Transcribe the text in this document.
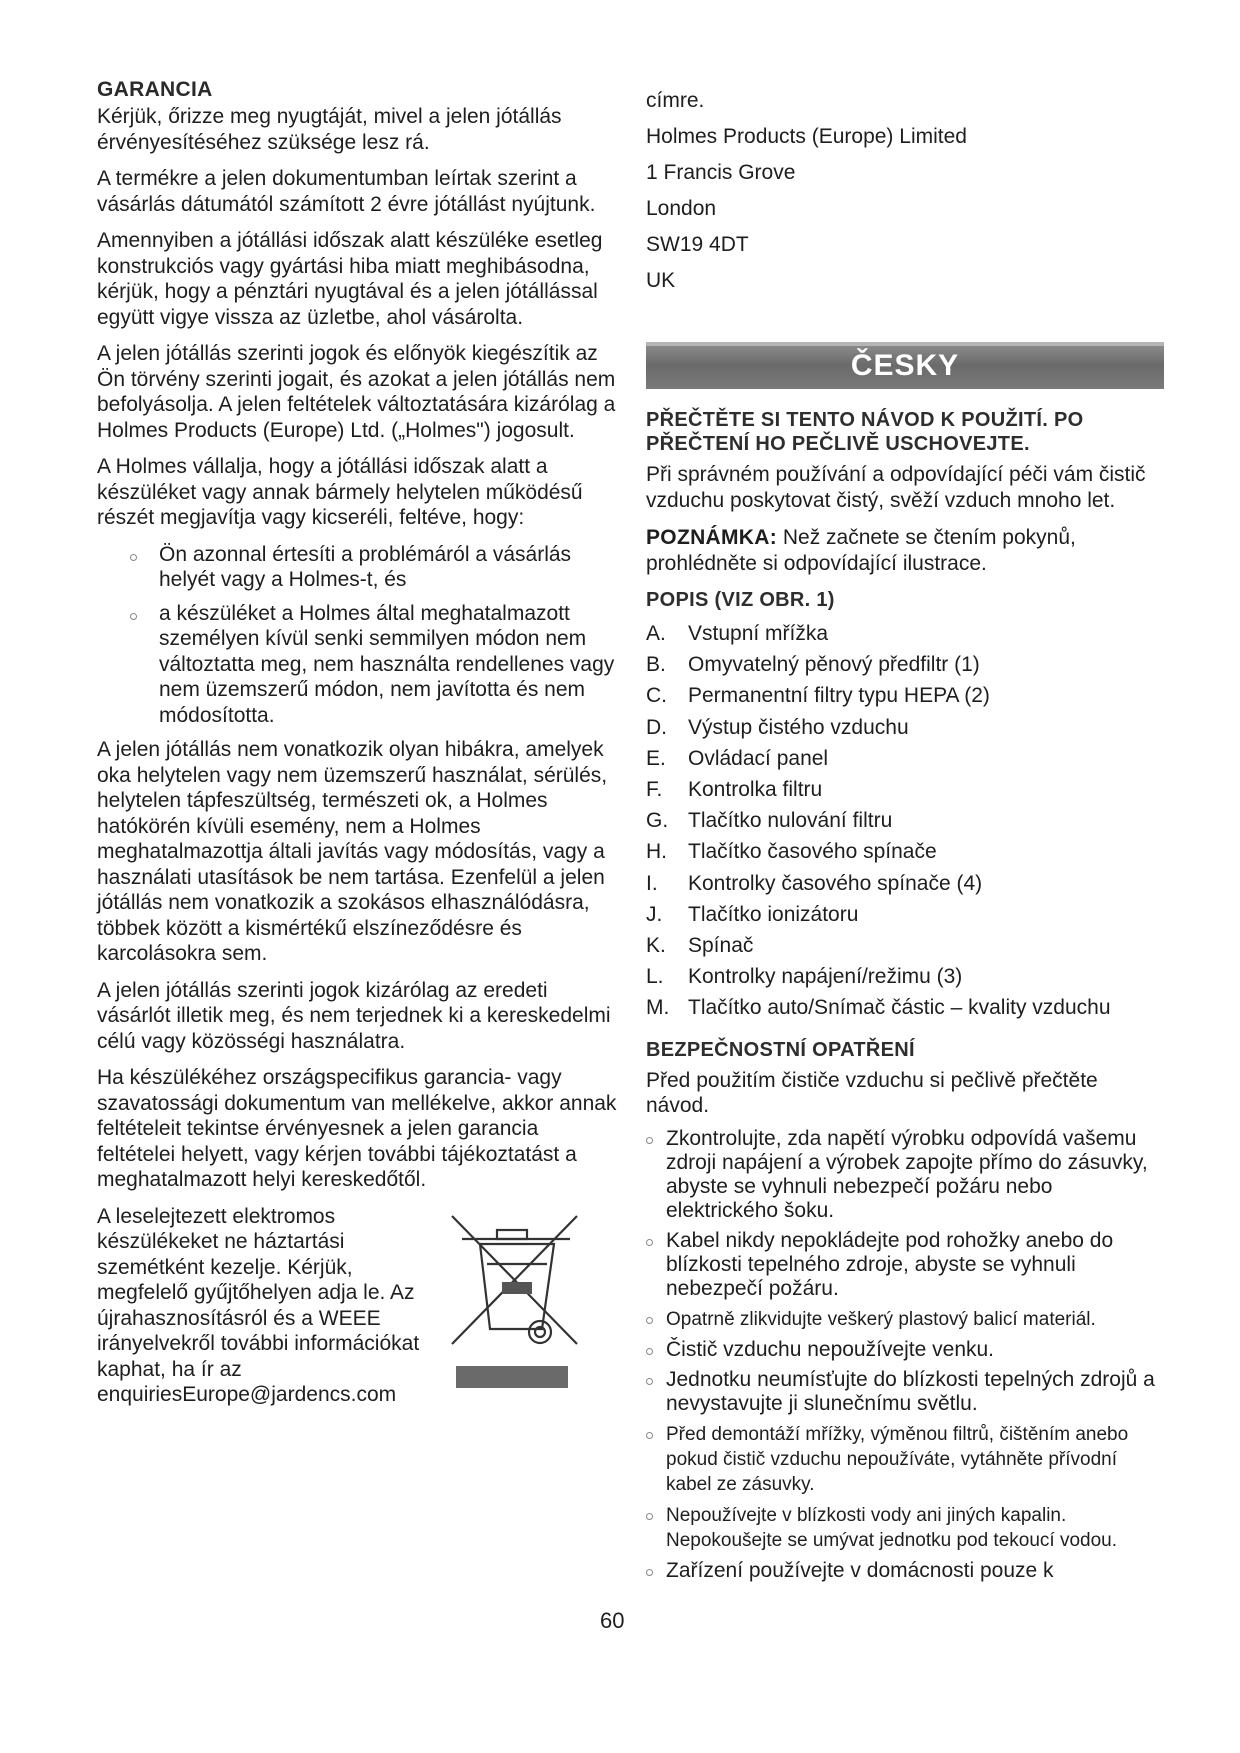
GARANCIA

Kérjük, őrizze meg nyugtáját, mivel a jelen jótállás érvényesítéséhez szüksége lesz rá.

A termékre a jelen dokumentumban leírtak szerint a vásárlás dátumától számított 2 évre jótállást nyújtunk.

Amennyiben a jótállási időszak alatt készüléke esetleg konstrukciós vagy gyártási hiba miatt meghibásodna, kérjük, hogy a pénztári nyugtával és a jelen jótállással együtt vigye vissza az üzletbe, ahol vásárolta.

A jelen jótállás szerinti jogok és előnyök kiegészítik az Ön törvény szerinti jogait, és azokat a jelen jótállás nem befolyásolja. A jelen feltételek változtatására kizárólag a Holmes Products (Europe) Ltd. („Holmes") jogosult.

A Holmes vállalja, hogy a jótállási időszak alatt a készüléket vagy annak bármely helytelen működésű részét megjavítja vagy kicseréli, feltéve, hogy:

Ön azonnal értesíti a problémáról a vásárlás helyét vagy a Holmes-t, és
a készüléket a Holmes által meghatalmazott személyen kívül senki semmilyen módon nem változtatta meg, nem használta rendellenes vagy nem üzemszerű módon, nem javította és nem módosította.

A jelen jótállás nem vonatkozik olyan hibákra, amelyek oka helytelen vagy nem üzemszerű használat, sérülés, helytelen tápfeszültség, természeti ok, a Holmes hatókörén kívüli esemény, nem a Holmes meghatalmazottja általi javítás vagy módosítás, vagy a használati utasítások be nem tartása. Ezenfelül a jelen jótállás nem vonatkozik a szokásos elhasználódásra, többek között a kismértékű elszíneződésre és karcolásokra sem.

A jelen jótállás szerinti jogok kizárólag az eredeti vásárlót illetik meg, és nem terjednek ki a kereskedelmi célú vagy közösségi használatra.

Ha készülékéhez országspecifikus garancia- vagy szavatossági dokumentum van mellékelve, akkor annak feltételeit tekintse érvényesnek a jelen garancia feltételei helyett, vagy kérjen további tájékoztatást a meghatalmazott helyi kereskedőtől.

A leselejtezett elektromos készülékeket ne háztartási szemétként kezelje. Kérjük, megfelelő gyűjtőhelyen adja le. Az újrahasznosításról és a WEEE irányelvekről további információkat kaphat, ha ír az enquiriesEurope@jardencs.com
címre.
Holmes Products (Europe) Limited
1 Francis Grove
London
SW19 4DT
UK
ČESKY
PŘEČTĚTE SI TENTO NÁVOD K POUŽITÍ. PO PŘEČTENÍ HO PEČLIVĚ USCHOVEJTE.

Při správném používání a odpovídající péči vám čistič vzduchu poskytovat čistý, svěží vzduch mnoho let.

POZNÁMKA: Než začnete se čtením pokynů, prohlédněte si odpovídající ilustrace.

POPIS (VIZ OBR. 1)
A.	Vstupní mřížka
B.	Omyvatelný pěnový předfiltr (1)
C.	Permanentní filtry typu HEPA (2)
D.	Výstup čistého vzduchu
E.	Ovládací panel
F.	Kontrolka filtru
G. Tlačítko nulování filtru
H.	Tlačítko časového spínače
I.	Kontrolky časového spínače (4)
J.	Tlačítko ionizátoru
K.	Spínač
L.	Kontrolky napájení/režimu (3)
M. Tlačítko auto/Snímač částic – kvality vzduchu
BEZPEČNOSTNÍ OPATŘENÍ

Před použitím čističe vzduchu si pečlivě přečtěte návod.

Zkontrolujte, zda napětí výrobku odpovídá vašemu zdroji napájení a výrobek zapojte přímo do zásuvky, abyste se vyhnuli nebezpečí požáru nebo elektrického šoku.
Kabel nikdy nepokládejte pod rohožky anebo do blízkosti tepelného zdroje, abyste se vyhnuli nebezpečí požáru.
Opatrně zlikvidujte veškerý plastový balicí materiál.
Čistič vzduchu nepoužívejte venku.
Jednotku neumísťujte do blízkosti tepelných zdrojů a nevystavujte ji slunečnímu světlu.
Před demontáží mřížky, výměnou filtrů, čištěním anebo pokud čistič vzduchu nepoužíváte, vytáhněte přívodní kabel ze zásuvky.
Nepoužívejte v blízkosti vody ani jiných kapalin. Nepokoušejte se umývat jednotku pod tekoucí vodou.
Zařízení používejte v domácnosti pouze k
60
